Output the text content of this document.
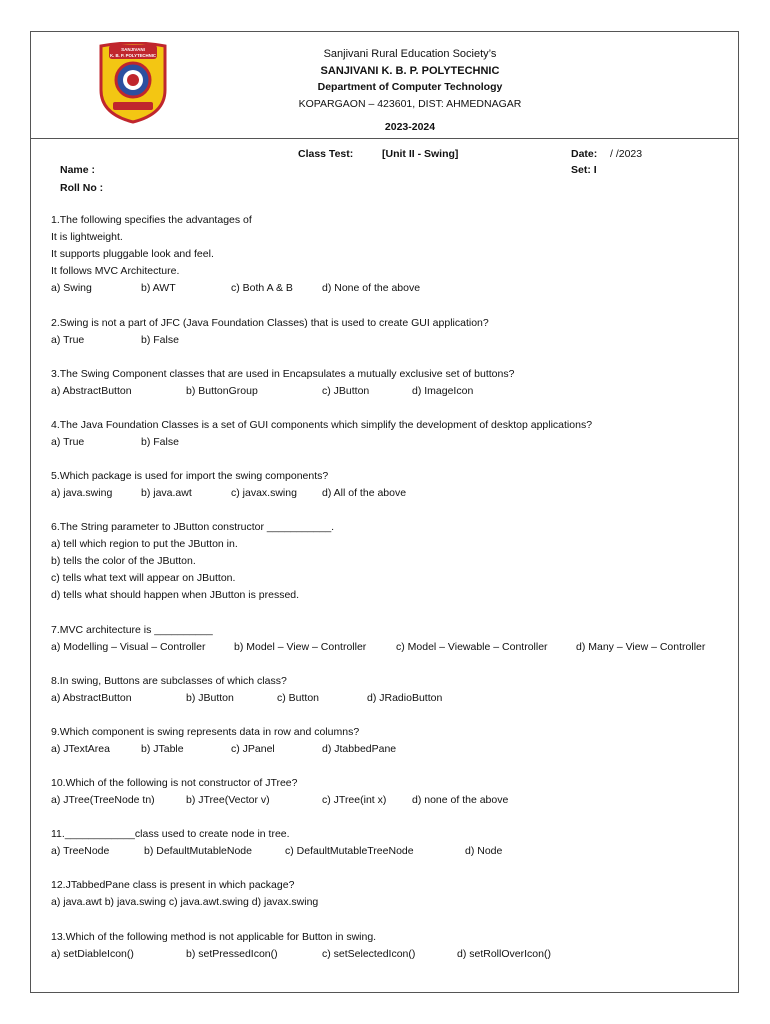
SANJIVANI
K. B. P. POLYTECHNIC	Sanjivani Rural Education Society’s
SANJIVANI K. B. P. POLYTECHNIC
Department of Computer Technology
KOPARGAON – 423601, DIST: AHMEDNAGAR
2023-2024
Class Test:	[Unit II - Swing]	Date: / /2023
Set: I
Name :
Roll No :
1.The following specifies the advantages of
It is lightweight.
It supports pluggable look and feel.
It follows MVC Architecture.
a) Swing	b) AWT	c) Both A & B	d) None of the above
2.Swing is not a part of JFC (Java Foundation Classes) that is used to create GUI application?
a) True	b) False
3.The Swing Component classes that are used in Encapsulates a mutually exclusive set of buttons?
a) AbstractButton	b) ButtonGroup	c) JButton	d) ImageIcon
4.The Java Foundation Classes is a set of GUI components which simplify the development of desktop applications?
a) True	b) False
5.Which package is used for import the swing components?
a) java.swing	b) java.awt	c) javax.swing d) All of the above
6.The String parameter to JButton constructor ___________.
a) tell which region to put the JButton in.
b) tells the color of the JButton.
c) tells what text will appear on JButton.
d) tells what should happen when JButton is pressed.
7.MVC architecture is __________
a) Modelling – Visual – Controller	b) Model – View – Controller	c) Model – Viewable – Controller	d) Many – View – Controller
8.In swing, Buttons are subclasses of which class?
a) AbstractButton	b) JButton	c) Button	d) JRadioButton
9.Which component is swing represents data in row and columns?
a) JTextArea	b) JTable	c) JPanel	d) JtabbedPane
10.Which of the following is not constructor of JTree?
a) JTree(TreeNode tn)	b) JTree(Vector v)	c) JTree(int x) d) none of the above
11.____________class used to create node in tree.
a) TreeNode	b) DefaultMutableNode	c) DefaultMutableTreeNode	d) Node
12.JTabbedPane class is present in which package?
a) java.awt b) java.swing c) java.awt.swing d) javax.swing
13.Which of the following method is not applicable for Button in swing.
a) setDiableIcon()	b) setPressedIcon()	c) setSelectedIcon()	d) setRollOverIcon()
